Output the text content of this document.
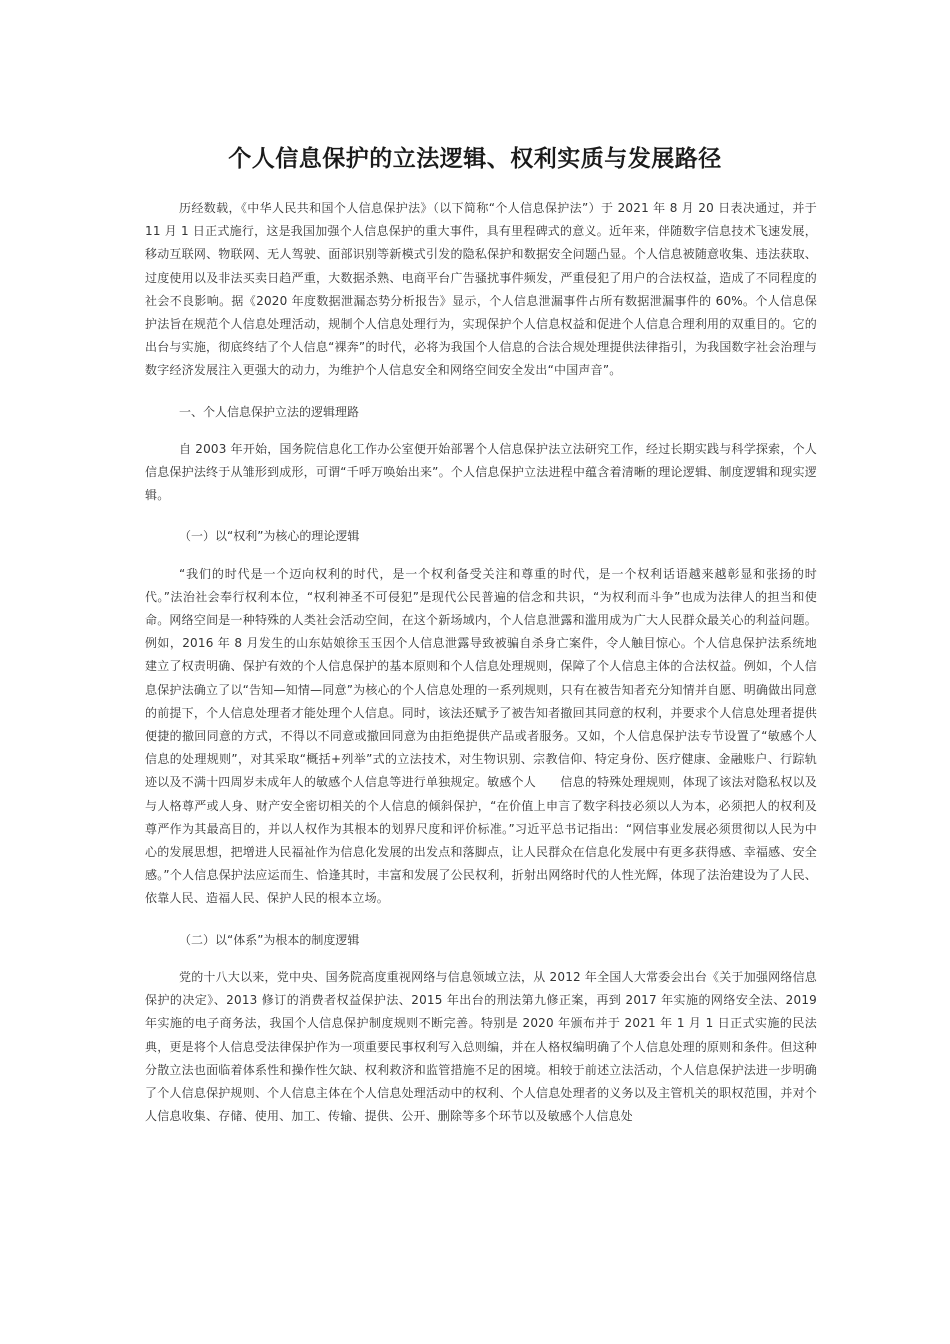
个人信息保护的立法逻辑、权利实质与发展路径

历经数载，《中华人民共和国个人信息保护法》（以下简称“个人信息保护法”）于 2021 年 8 月 20 日表决通过，并于 11 月 1 日正式施行，这是我国加强个人信息保护的重大事件，具有里程碑式的意义。近年来，伴随数字信息技术飞速发展，移动互联网、物联网、无人驾驶、面部识别等新模式引发的隐私保护和数据安全问题凸显。个人信息被随意收集、违法获取、过度使用以及非法买卖日趋严重，大数据杀熟、电商平台广告骚扰事件频发，严重侵犯了用户的合法权益，造成了不同程度的社会不良影响。据《2020 年度数据泄漏态势分析报告》显示，个人信息泄漏事件占所有数据泄漏事件的 60%。个人信息保护法旨在规范个人信息处理活动，规制个人信息处理行为，实现保护个人信息权益和促进个人信息合理利用的双重目的。它的出台与实施，彻底终结了个人信息“裸奔”的时代，必将为我国个人信息的合法合规处理提供法律指引，为我国数字社会治理与数字经济发展注入更强大的动力，为维护个人信息安全和网络空间安全发出“中国声音”。

一、个人信息保护立法的逻辑理路

自 2003 年开始，国务院信息化工作办公室便开始部署个人信息保护法立法研究工作，经过长期实践与科学探索，个人信息保护法终于从雏形到成形，可谓“千呼万唤始出来”。个人信息保护立法进程中蕴含着清晰的理论逻辑、制度逻辑和现实逻辑。

（一）以“权利”为核心的理论逻辑

“我们的时代是一个迈向权利的时代，是一个权利备受关注和尊重的时代，是一个权利话语越来越彰显和张扬的时代。”法治社会奉行权利本位，“权利神圣不可侵犯”是现代公民普遍的信念和共识，“为权利而斗争”也成为法律人的担当和使命。网络空间是一种特殊的人类社会活动空间，在这个新场域内，个人信息泄露和滥用成为广大人民群众最关心的利益问题。例如，2016 年 8 月发生的山东姑娘徐玉玉因个人信息泄露导致被骗自杀身亡案件，令人触目惊心。个人信息保护法系统地建立了权责明确、保护有效的个人信息保护的基本原则和个人信息处理规则，保障了个人信息主体的合法权益。例如，个人信息保护法确立了以“告知—知情—同意”为核心的个人信息处理的一系列规则，只有在被告知者充分知情并自愿、明确做出同意的前提下，个人信息处理者才能处理个人信息。同时，该法还赋予了被告知者撤回其同意的权利，并要求个人信息处理者提供便捷的撤回同意的方式，不得以不同意或撤回同意为由拒绝提供产品或者服务。又如，个人信息保护法专节设置了“敏感个人信息的处理规则”，对其采取“概括+列举”式的立法技术，对生物识别、宗教信仰、特定身份、医疗健康、金融账户、行踪轨迹以及不满十四周岁未成年人的敏感个人信息等进行单独规定。敏感个人　　信息的特殊处理规则，体现了该法对隐私权以及与人格尊严或人身、财产安全密切相关的个人信息的倾斜保护，“在价值上申言了数字科技必须以人为本，必须把人的权利及尊严作为其最高目的，并以人权作为其根本的划界尺度和评价标准。”习近平总书记指出：“网信事业发展必须贯彻以人民为中心的发展思想，把增进人民福祉作为信息化发展的出发点和落脚点，让人民群众在信息化发展中有更多获得感、幸福感、安全感。”个人信息保护法应运而生、恰逢其时，丰富和发展了公民权利，折射出网络时代的人性光辉，体现了法治建设为了人民、依靠人民、造福人民、保护人民的根本立场。

（二）以“体系”为根本的制度逻辑

党的十八大以来，党中央、国务院高度重视网络与信息领域立法，从 2012 年全国人大常委会出台《关于加强网络信息保护的决定》、2013 修订的消费者权益保护法、2015 年出台的刑法第九修正案，再到 2017 年实施的网络安全法、2019 年实施的电子商务法，我国个人信息保护制度规则不断完善。特别是 2020 年颁布并于 2021 年 1 月 1 日正式实施的民法典，更是将个人信息受法律保护作为一项重要民事权利写入总则编，并在人格权编明确了个人信息处理的原则和条件。但这种分散立法也面临着体系性和操作性欠缺、权利救济和监管措施不足的困境。相较于前述立法活动，个人信息保护法进一步明确了个人信息保护规则、个人信息主体在个人信息处理活动中的权利、个人信息处理者的义务以及主管机关的职权范围，并对个人信息收集、存储、使用、加工、传输、提供、公开、删除等多个环节以及敏感个人信息处
